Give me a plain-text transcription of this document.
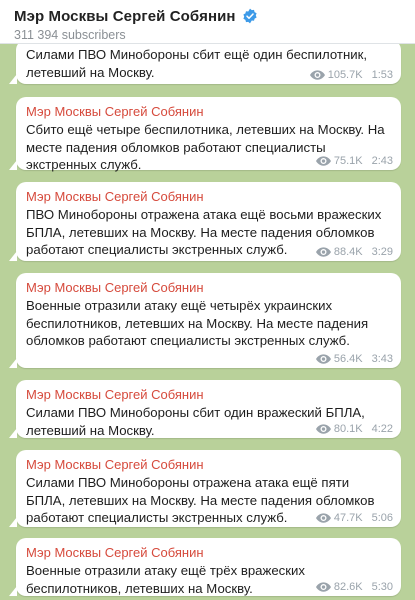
Мэр Москвы Сергей Собянин
311 394 subscribers
Силами ПВО Минобороны сбит ещё один беспилотник, летевший на Москву.	105.7K 1:53
Мэр Москвы Сергей Собянин
Сбито ещё четыре беспилотника, летевших на Москву. На месте падения обломков работают специалисты экстренных служб.	75.1K 2:43
Мэр Москвы Сергей Собянин
ПВО Минобороны отражена атака ещё восьми вражеских БПЛА, летевших на Москву. На месте падения обломков работают специалисты экстренных служб.	88.4K 3:29
Мэр Москвы Сергей Собянин
Военные отразили атаку ещё четырёх украинских беспилотников, летевших на Москву. На месте падения обломков работают специалисты экстренных служб.
56.4K 3:43
Мэр Москвы Сергей Собянин
Силами ПВО Минобороны сбит один вражеский БПЛА, летевший на Москву.	80.1K 4:22
Мэр Москвы Сергей Собянин
Силами ПВО Минобороны отражена атака ещё пяти БПЛА, летевших на Москву. На месте падения обломков работают специалисты экстренных служб.	47.7K 5:06
Мэр Москвы Сергей Собянин
Военные отразили атаку ещё трёх вражеских беспилотников, летевших на Москву.	82.6K 5:30
